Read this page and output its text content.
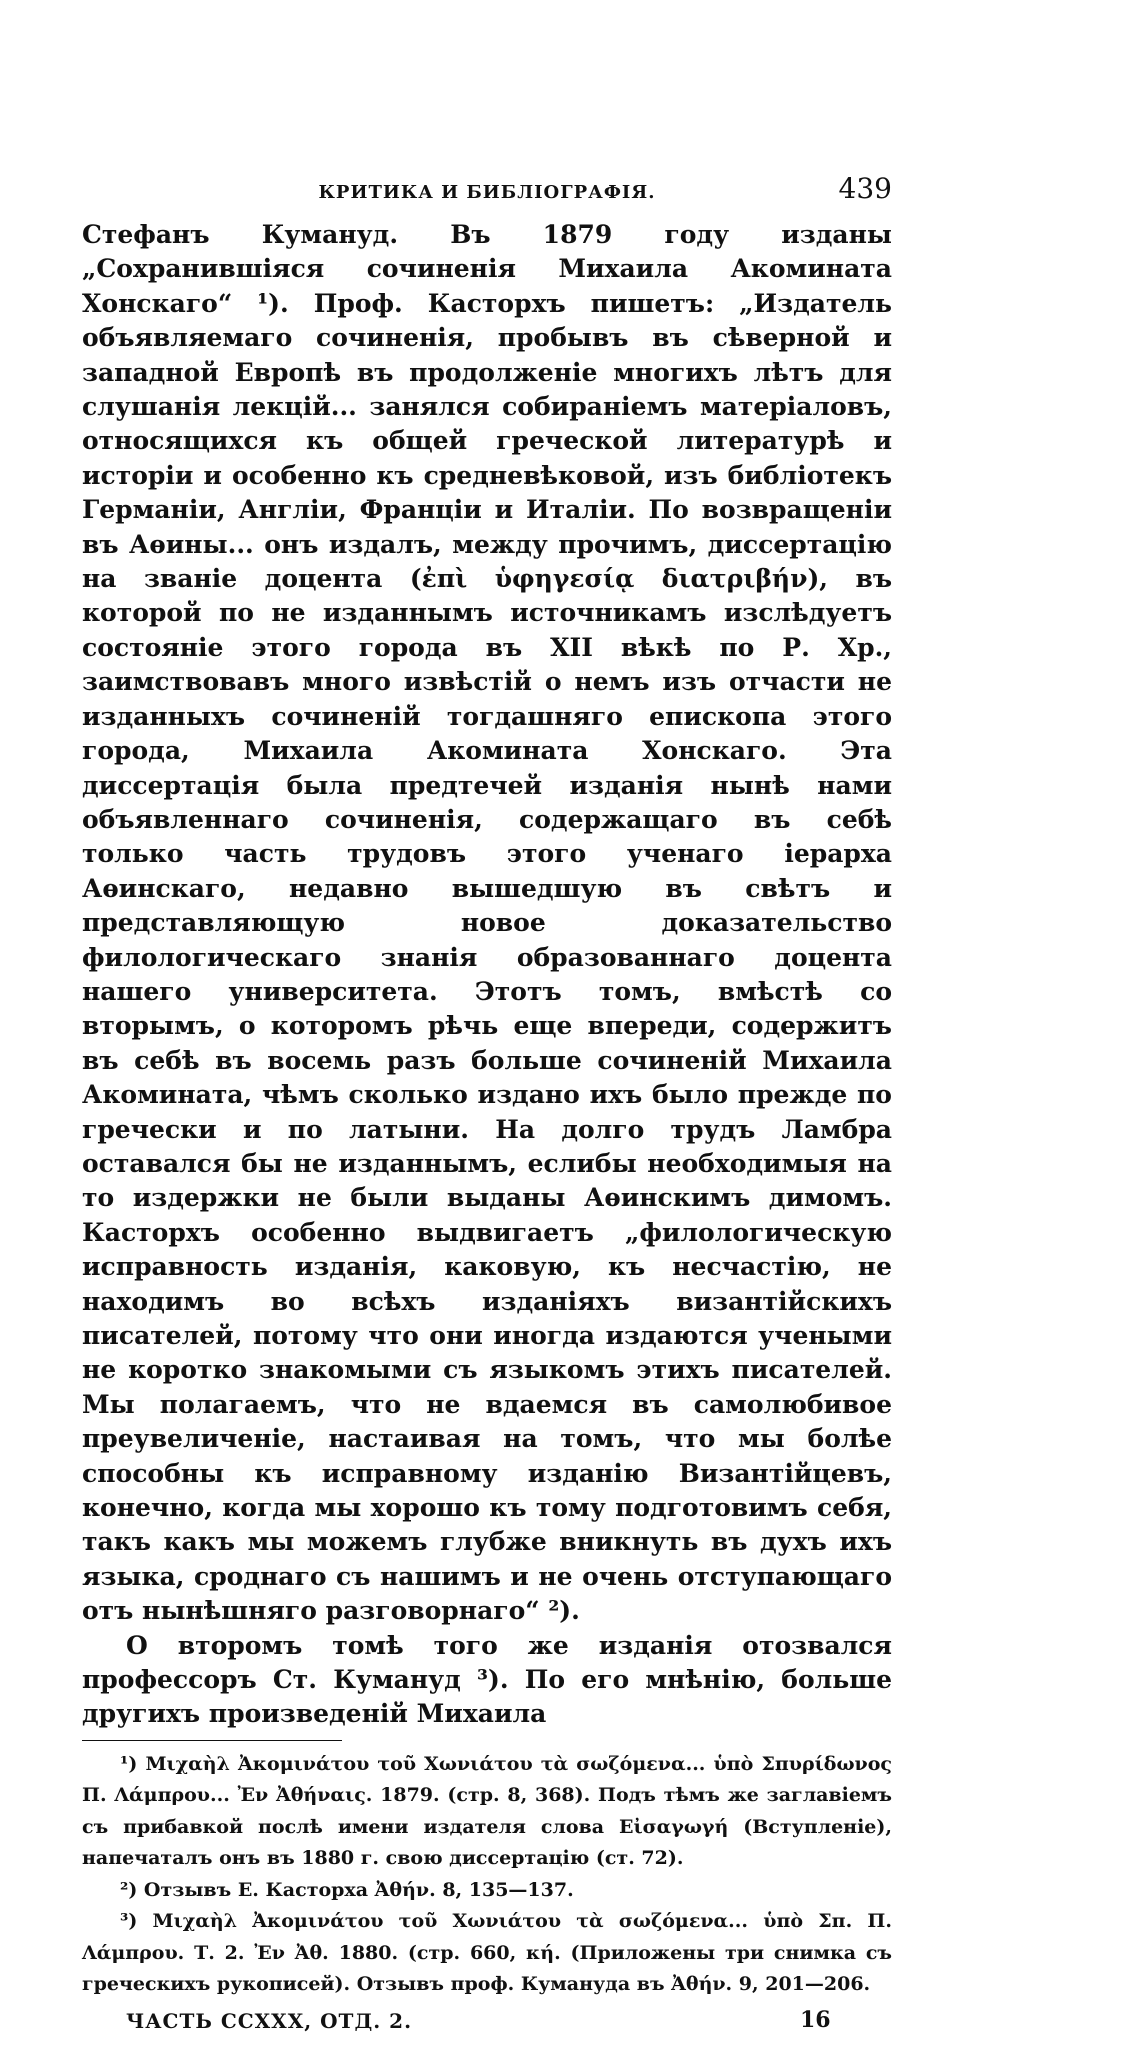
КРИТИКА И БИБЛІОГРАФІЯ.	439

Стефанъ Кумануд. Въ 1879 году изданы „Сохранившіяся сочиненія Михаила Акомината Хонскаго“ ¹). Проф. Касторхъ пишетъ: „Издатель объявляемаго сочиненія, пробывъ въ сѣверной и западной Европѣ въ продолженіе многихъ лѣтъ для слушанія лекцій... занялся собираніемъ матеріаловъ, относящихся къ общей греческой литературѣ и исторіи и особенно къ средневѣковой, изъ библіотекъ Германіи, Англіи, Франціи и Италіи. По возвращеніи въ Аѳины... онъ издалъ, между прочимъ, диссертацію на званіе доцента (ἐπὶ ὑφηγεσίᾳ διατριβήν), въ которой по не изданнымъ источникамъ изслѣдуетъ состояніе этого города въ XII вѣкѣ по Р. Хр., заимствовавъ много извѣстій о немъ изъ отчасти не изданныхъ сочиненій тогдашняго епископа этого города, Михаила Акомината Хонскаго. Эта диссертація была предтечей изданія нынѣ нами объявленнаго сочиненія, содержащаго въ себѣ только часть трудовъ этого ученаго іерарха Аѳинскаго, недавно вышедшую въ свѣтъ и представляющую новое доказательство филологическаго знанія образованнаго доцента нашего университета. Этотъ томъ, вмѣстѣ со вторымъ, о которомъ рѣчь еще впереди, содержитъ въ себѣ въ восемь разъ больше сочиненій Михаила Акомината, чѣмъ сколько издано ихъ было прежде по гречески и по латыни. На долго трудъ Ламбра оставался бы не изданнымъ, еслибы необходимыя на то издержки не были выданы Аѳинскимъ димомъ. Касторхъ особенно выдвигаетъ „филологическую исправность изданія, каковую, къ несчастію, не находимъ во всѣхъ изданіяхъ византійскихъ писателей, потому что они иногда издаются учеными не коротко знакомыми съ языкомъ этихъ писателей. Мы полагаемъ, что не вдаемся въ самолюбивое преувеличеніе, настаивая на томъ, что мы болѣе способны къ исправному изданію Византійцевъ, конечно, когда мы хорошо къ тому подготовимъ себя, такъ какъ мы можемъ глубже вникнуть въ духъ ихъ языка, сроднаго съ нашимъ и не очень отступающаго отъ нынѣшняго разговорнаго“ ²).

О второмъ томѣ того же изданія отозвался профессоръ Ст. Кумануд ³). По его мнѣнію, больше другихъ произведеній Михаила

¹) Μιχαὴλ Ἀκομινάτου τοῦ Χωνιάτου τὰ σωζόμενα... ὑπὸ Σπυρίδωνος Π. Λάμπρου... Ἐν Ἀθήναις. 1879. (стр. 8, 368). Подъ тѣмъ же заглавіемъ съ прибавкой послѣ имени издателя слова Εἰσαγωγή (Вступленіе), напечаталъ онъ въ 1880 г. свою диссертацію (ст. 72).

²) Отзывъ Е. Касторха Ἀθήν. 8, 135—137.

³) Μιχαὴλ Ἀκομινάτου τοῦ Χωνιάτου τὰ σωζόμενα... ὑπὸ Σπ. Π. Λάμπρου. Τ. 2. Ἐν Ἀθ. 1880. (стр. 660, κή. (Приложены три снимка съ греческихъ рукописей). Отзывъ проф. Кумануда въ Ἀθήν. 9, 201—206.

ЧАСТЬ CCXXX, ОТД. 2.	16
